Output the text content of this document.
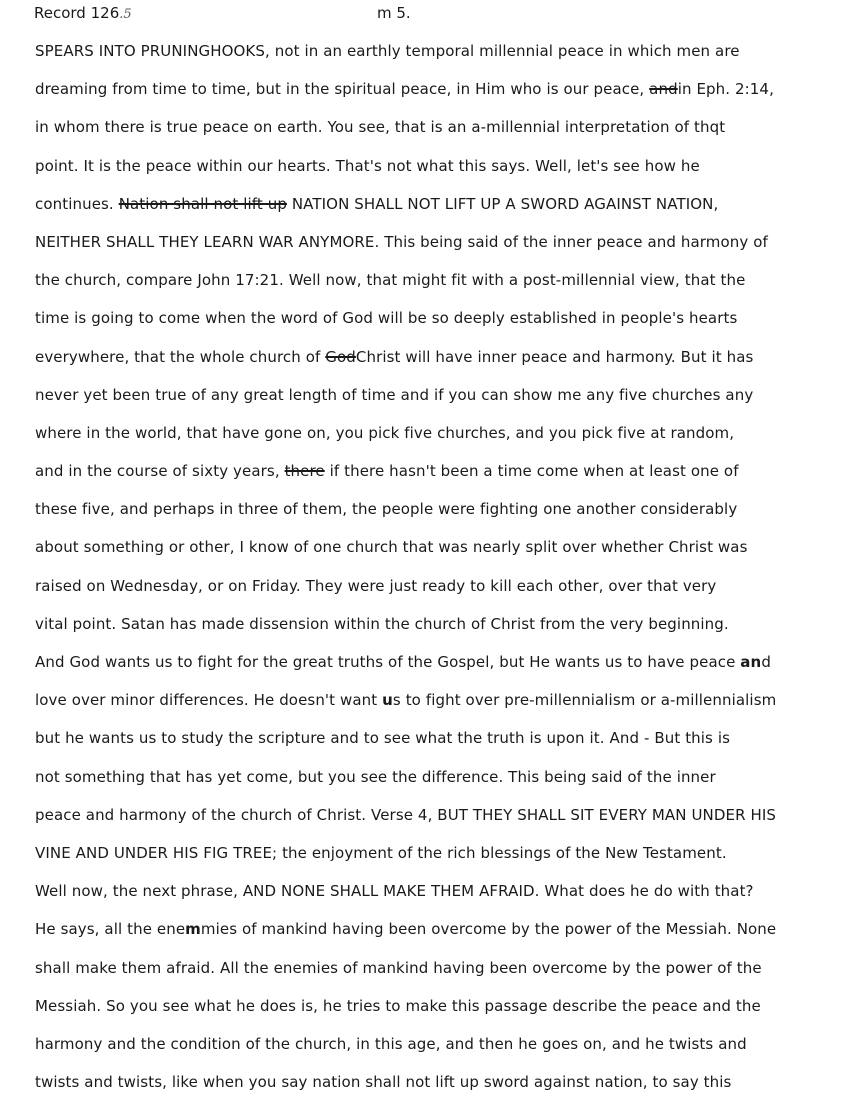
Record 126.5	m 5.
SPEARS INTO PRUNINGHOOKS, not in an earthly temporal millennial peace in which men are
dreaming from time to time, but in the spiritual peace, in Him who is our peace, andin Eph. 2:14,
in whom there is true peace on earth. You see, that is an a-millennial interpretation of thqt
point. It is the peace within our hearts. That's not what this says. Well, let's see how he
continues. Nation shall not lift up NATION SHALL NOT LIFT UP A SWORD AGAINST NATION,
NEITHER SHALL THEY LEARN WAR ANYMORE. This being said of the inner peace and harmony of
the church, compare John 17:21. Well now, that might fit with a post-millennial view, that the
time is going to come when the word of God will be so deeply established in people's hearts
everywhere, that the whole church of GodChrist will have inner peace and harmony. But it has
never yet been true of any great length of time and if you can show me any five churches any
where in the world, that have gone on, you pick five churches, and you pick five at random,
and in the course of sixty years, there if there hasn't been a time come when at least one of
these five, and perhaps in three of them, the people were fighting one another considerably
about something or other, I know of one church that was nearly split over whether Christ was
raised on Wednesday, or on Friday. They were just ready to kill each other, over that very
vital point. Satan has made dissension within the church of Christ from the very beginning.
And God wants us to fight for the great truths of the Gospel, but He wants us to have peace and
love over minor differences. He doesn't want us to fight over pre-millennialism or a-millennialism
but he wants us to study the scripture and to see what the truth is upon it. And - But this is
not something that has yet come, but you see the difference. This being said of the inner
peace and harmony of the church of Christ. Verse 4, BUT THEY SHALL SIT EVERY MAN UNDER HIS
VINE AND UNDER HIS FIG TREE; the enjoyment of the rich blessings of the New Testament.
Well now, the next phrase, AND NONE SHALL MAKE THEM AFRAID. What does he do with that?
He says, all the enemmies of mankind having been overcome by the power of the Messiah. None
shall make them afraid. All the enemies of mankind having been overcome by the power of the
Messiah. So you see what he does is, he tries to make this passage describe the peace and the
harmony and the condition of the church, in this age, and then he goes on, and he twists and
twists and twists, like when you say nation shall not lift up sword against nation, to say this
